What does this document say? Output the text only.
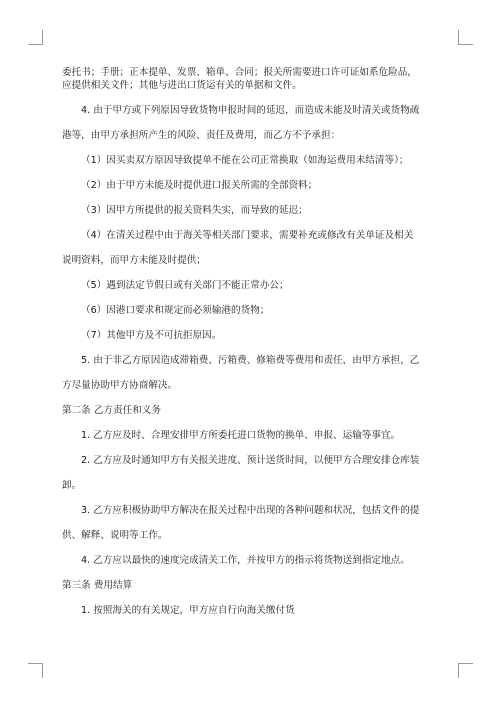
委托书；手册；正本提单、发票、箱单、合同；报关所需要进口许可证如系危险品，

应提供相关文件；其他与进出口货运有关的单据和文件。

4. 由于甲方或下列原因导致货物申报时间的延迟，而造成未能及时清关或货物疏

港等，由甲方承担所产生的风险、责任及费用，而乙方不予承担：

（1）因买卖双方原因导致提单不能在公司正常换取（如海运费用未结清等）；

（2）由于甲方未能及时提供进口报关所需的全部资料；

（3）因甲方所提供的报关资料失实，而导致的延迟；

（4）在清关过程中由于海关等相关部门要求，需要补充或修改有关单证及相关

说明资料，而甲方未能及时提供；

（5）遇到法定节假日或有关部门不能正常办公；

（6）因港口要求和规定而必须输港的货物；

（7）其他甲方及不可抗拒原因。

5. 由于非乙方原因造成滞箱费、污箱费、修箱费等费用和责任，由甲方承担，乙

方尽量协助甲方协商解决。

第二条 乙方责任和义务

1. 乙方应及时、合理安排甲方所委托进口货物的换单、申报、运输等事宜。

2. 乙方应及时通知甲方有关报关进度、预计送货时间，以便甲方合理安排仓库装

卸。

3. 乙方应积极协助甲方解决在报关过程中出现的各种问题和状况，包括文件的提

供、解释、说明等工作。

4. 乙方应以最快的速度完成清关工作，并按甲方的指示将货物送到指定地点。

第三条 费用结算

1. 按照海关的有关规定，甲方应自行向海关缴付货
